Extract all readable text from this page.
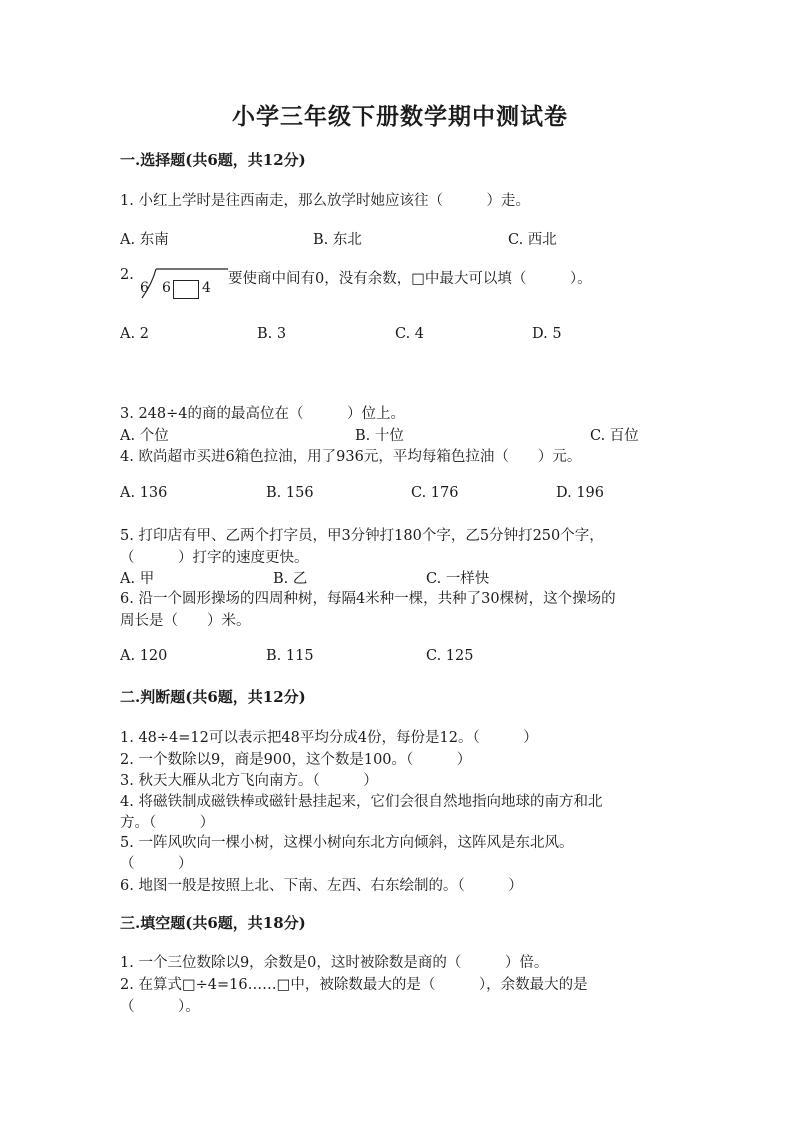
小学三年级下册数学期中测试卷
一.选择题(共6题，共12分)
1. 小红上学时是往西南走，那么放学时她应该往（　　　）走。
A. 东南	B. 东北	C. 西北
2.
6 6 4
要使商中间有0，没有余数，□中最大可以填（　　　）。
A. 2	B. 3	C. 4	D. 5
3. 248÷4的商的最高位在（　　　）位上。
A. 个位	B. 十位	C. 百位
4. 欧尚超市买进6箱色拉油，用了936元，平均每箱色拉油（　　）元。
A. 136	B. 156	C. 176	D. 196
5. 打印店有甲、乙两个打字员，甲3分钟打180个字，乙5分钟打250个字，
（　　　）打字的速度更快。
A. 甲	B. 乙	C. 一样快
6. 沿一个圆形操场的四周种树，每隔4米种一棵，共种了30棵树，这个操场的
周长是（　　）米。
A. 120	B. 115	C. 125
二.判断题(共6题，共12分)
1. 48÷4=12可以表示把48平均分成4份，每份是12。（　　　）
2. 一个数除以9，商是900，这个数是100。（　　　）
3. 秋天大雁从北方飞向南方。（　　　）
4. 将磁铁制成磁铁棒或磁针悬挂起来，它们会很自然地指向地球的南方和北
方。（　　　）
5. 一阵风吹向一棵小树，这棵小树向东北方向倾斜，这阵风是东北风。
（　　　）
6. 地图一般是按照上北、下南、左西、右东绘制的。（　　　）
三.填空题(共6题，共18分)
1. 一个三位数除以9，余数是0，这时被除数是商的（　　　）倍。
2. 在算式□÷4=16……□中，被除数最大的是（　　　），余数最大的是
（　　　）。
